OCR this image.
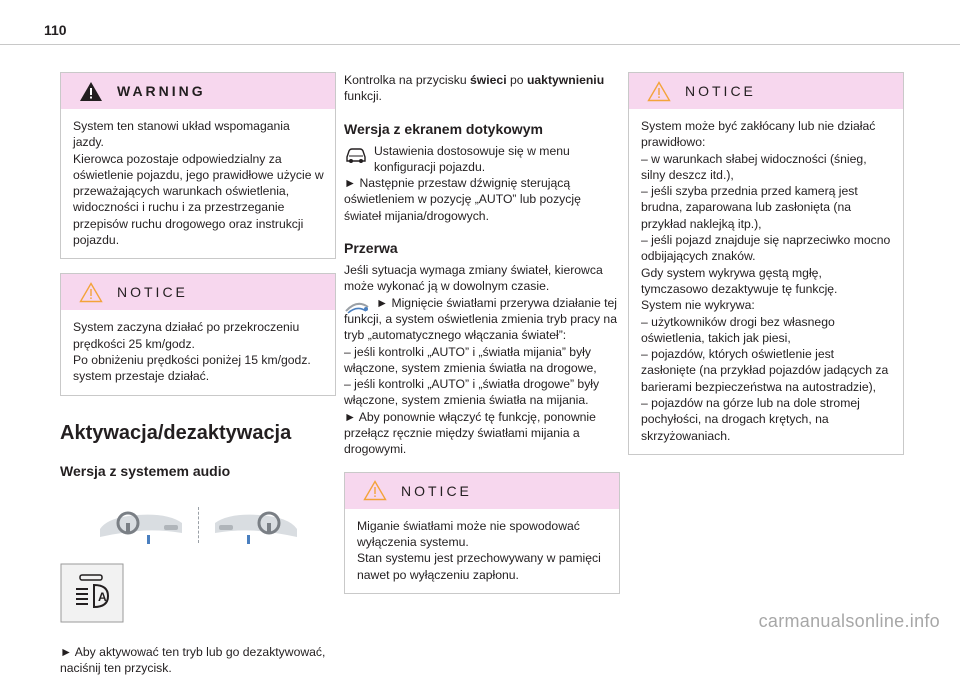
110
WARNING

System ten stanowi układ wspomagania jazdy.
Kierowca pozostaje odpowiedzialny za oświetlenie pojazdu, jego prawidłowe użycie w przeważających warunkach oświetlenia, widoczności i ruchu i za przestrzeganie przepisów ruchu drogowego oraz instrukcji pojazdu.

NOTICE

System zaczyna działać po przekroczeniu prędkości 25 km/godz.
Po obniżeniu prędkości poniżej 15 km/godz. system przestaje działać.

Aktywacja/dezaktywacja
Wersja z systemem audio
A

► Aby aktywować ten tryb lub go dezaktywować, naciśnij ten przycisk.

Kontrolka na przycisku świeci po uaktywnieniu funkcji.

Wersja z ekranem dotykowym

Ustawienia dostosowuje się w menu konfiguracji pojazdu.

► Następnie przestaw dźwignię sterującą oświetleniem w pozycję „AUTO” lub pozycję świateł mijania/drogowych.

Przerwa

Jeśli sytuacja wymaga zmiany świateł, kierowca może wykonać ją w dowolnym czasie.

► Mignięcie światłami przerywa działanie tej funkcji, a system oświetlenia zmienia tryb pracy na tryb „automatycznego włączania świateł”:
– jeśli kontrolki „AUTO” i „światła mijania” były włączone, system zmienia światła na drogowe,
– jeśli kontrolki „AUTO” i „światła drogowe” były włączone, system zmienia światła na mijania.
► Aby ponownie włączyć tę funkcję, ponownie przełącz ręcznie między światłami mijania a drogowymi.

NOTICE

Miganie światłami może nie spowodować wyłączenia systemu.
Stan systemu jest przechowywany w pamięci nawet po wyłączeniu zapłonu.

NOTICE

System może być zakłócany lub nie działać prawidłowo:
– w warunkach słabej widoczności (śnieg, silny deszcz itd.),
– jeśli szyba przednia przed kamerą jest brudna, zaparowana lub zasłonięta (na przykład naklejką itp.),
– jeśli pojazd znajduje się naprzeciwko mocno odbijających znaków.
Gdy system wykrywa gęstą mgłę, tymczasowo dezaktywuje tę funkcję.
System nie wykrywa:
– użytkowników drogi bez własnego oświetlenia, takich jak piesi,
– pojazdów, których oświetlenie jest zasłonięte (na przykład pojazdów jadących za barierami bezpieczeństwa na autostradzie),
– pojazdów na górze lub na dole stromej pochyłości, na drogach krętych, na skrzyżowaniach.

carmanualsonline.info
